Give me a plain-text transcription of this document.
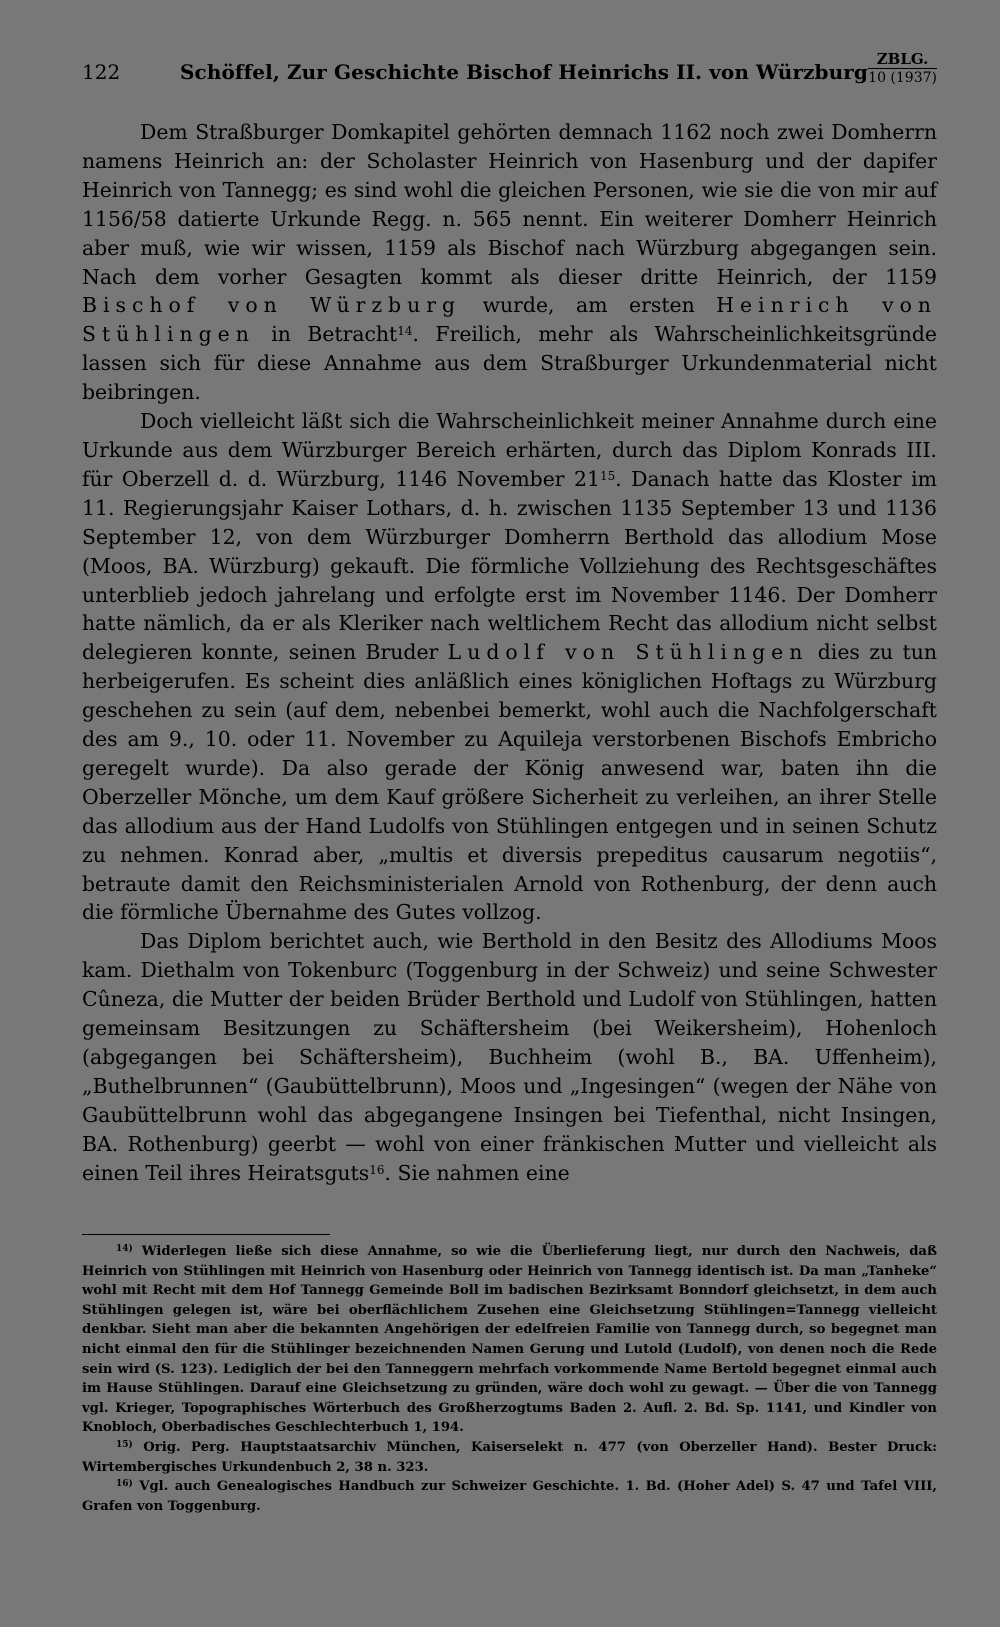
122	Schöffel, Zur Geschichte Bischof Heinrichs II. von Würzburg
ZBLG.
10 (1937)

Dem Straßburger Domkapitel gehörten demnach 1162 noch zwei Domherrn namens Heinrich an: der Scholaster Heinrich von Hasenburg und der dapifer Heinrich von Tannegg; es sind wohl die gleichen Personen, wie sie die von mir auf 1156/58 datierte Urkunde Regg. n. 565 nennt. Ein weiterer Domherr Heinrich aber muß, wie wir wissen, 1159 als Bischof nach Würzburg abgegangen sein. Nach dem vorher Gesagten kommt als dieser dritte Heinrich, der 1159 Bischof von Würzburg wurde, am ersten Heinrich von Stühlingen in Betracht$^{14}$. Freilich, mehr als Wahrscheinlichkeitsgründe lassen sich für diese Annahme aus dem Straßburger Urkundenmaterial nicht beibringen.

Doch vielleicht läßt sich die Wahrscheinlichkeit meiner Annahme durch eine Urkunde aus dem Würzburger Bereich erhärten, durch das Diplom Konrads III. für Oberzell d. d. Würzburg, 1146 November $21^{15}$. Danach hatte das Kloster im 11. Regierungsjahr Kaiser Lothars, d. h. zwischen 1135 September 13 und 1136 September 12, von dem Würzburger Domherrn Berthold das allodium Mose (Moos, BA. Würzburg) gekauft. Die förmliche Vollziehung des Rechtsgeschäftes unterblieb jedoch jahrelang und erfolgte erst im November 1146. Der Domherr hatte nämlich, da er als Kleriker nach weltlichem Recht das allodium nicht selbst delegieren konnte, seinen Bruder Ludolf von Stühlingen dies zu tun herbeigerufen. Es scheint dies anläßlich eines königlichen Hoftags zu Würzburg geschehen zu sein (auf dem, nebenbei bemerkt, wohl auch die Nachfolgerschaft des am 9., 10. oder 11. November zu Aquileja verstorbenen Bischofs Embricho geregelt wurde). Da also gerade der König anwesend war, baten ihn die Oberzeller Mönche, um dem Kauf größere Sicherheit zu verleihen, an ihrer Stelle das allodium aus der Hand Ludolfs von Stühlingen entgegen und in seinen Schutz zu nehmen. Konrad aber, „multis et diversis prepeditus causarum negotiis“, betraute damit den Reichsministerialen Arnold von Rothenburg, der denn auch die förmliche Übernahme des Gutes vollzog.

Das Diplom berichtet auch, wie Berthold in den Besitz des Allodiums Moos kam. Diethalm von Tokenburc (Toggenburg in der Schweiz) und seine Schwester Cûneza, die Mutter der beiden Brüder Berthold und Ludolf von Stühlingen, hatten gemeinsam Besitzungen zu Schäftersheim (bei Weikersheim), Hohenloch (abgegangen bei Schäftersheim), Buchheim (wohl B., BA. Uffenheim), „Buthelbrunnen“ (Gaubüttelbrunn), Moos und „Ingesingen“ (wegen der Nähe von Gaubüttelbrunn wohl das abgegangene Insingen bei Tiefenthal, nicht Insingen, BA. Rothenburg) geerbt — wohl von einer fränkischen Mutter und vielleicht als einen Teil ihres Heiratsguts$^{16}$. Sie nahmen eine

$^{14)}$ Widerlegen ließe sich diese Annahme, so wie die Überlieferung liegt, nur durch den Nachweis, daß Heinrich von Stühlingen mit Heinrich von Hasenburg oder Heinrich von Tannegg identisch ist. Da man „Tanheke“ wohl mit Recht mit dem Hof Tannegg Gemeinde Boll im badischen Bezirksamt Bonndorf gleichsetzt, in dem auch Stühlingen gelegen ist, wäre bei oberflächlichem Zusehen eine Gleichsetzung Stühlingen=Tannegg vielleicht denkbar. Sieht man aber die bekannten Angehörigen der edelfreien Familie von Tannegg durch, so begegnet man nicht einmal den für die Stühlinger bezeichnenden Namen Gerung und Lutold (Ludolf), von denen noch die Rede sein wird (S. 123). Lediglich der bei den Tanneggern mehrfach vorkommende Name Bertold begegnet einmal auch im Hause Stühlingen. Darauf eine Gleichsetzung zu gründen, wäre doch wohl zu gewagt. — Über die von Tannegg vgl. Krieger, Topographisches Wörterbuch des Großherzogtums Baden 2. Aufl. 2. Bd. Sp. 1141, und Kindler von Knobloch, Oberbadisches Geschlechterbuch 1, 194.

$^{15)}$ Orig. Perg. Hauptstaatsarchiv München, Kaiserselekt n. 477 (von Oberzeller Hand). Bester Druck: Wirtembergisches Urkundenbuch 2, 38 n. 323.

$^{16)}$ Vgl. auch Genealogisches Handbuch zur Schweizer Geschichte. 1. Bd. (Hoher Adel) S. 47 und Tafel VIII, Grafen von Toggenburg.
